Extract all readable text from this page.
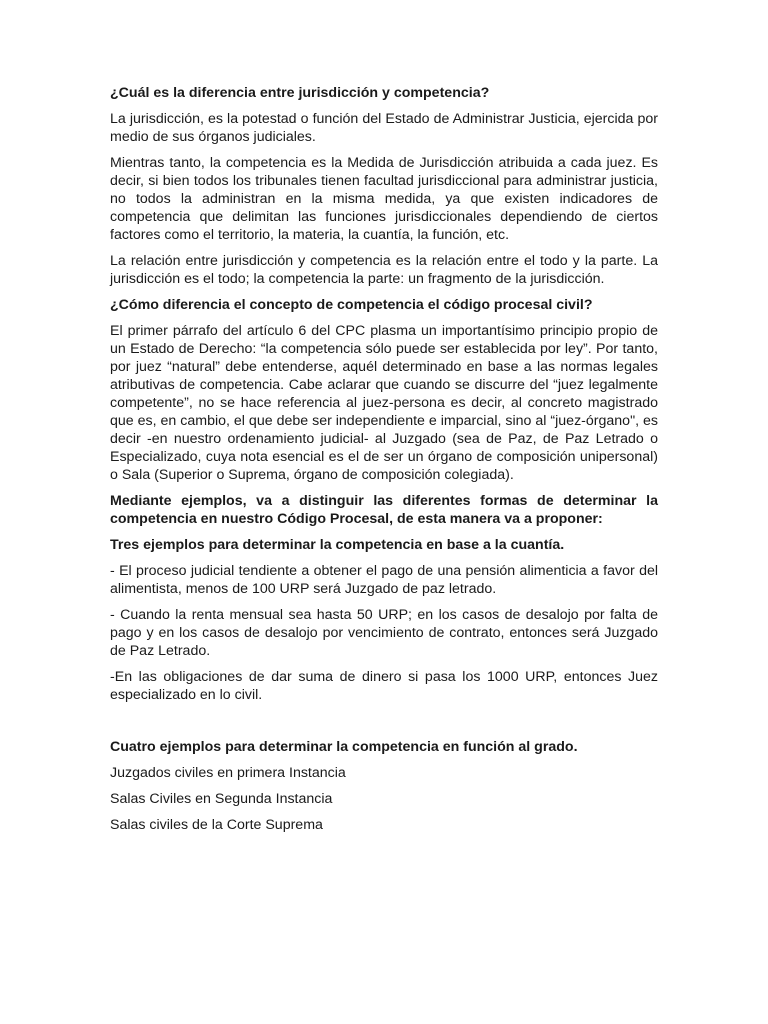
¿Cuál es la diferencia entre jurisdicción y competencia?

La jurisdicción, es la potestad o función del Estado de Administrar Justicia, ejercida por medio de sus órganos judiciales.

Mientras tanto, la competencia es la Medida de Jurisdicción atribuida a cada juez. Es decir, si bien todos los tribunales tienen facultad jurisdiccional para administrar justicia, no todos la administran en la misma medida, ya que existen indicadores de competencia que delimitan las funciones jurisdiccionales dependiendo de ciertos factores como el territorio, la materia, la cuantía, la función, etc.

La relación entre jurisdicción y competencia es la relación entre el todo y la parte. La jurisdicción es el todo; la competencia la parte: un fragmento de la jurisdicción.

¿Cómo diferencia el concepto de competencia el código procesal civil?

El primer párrafo del artículo 6 del CPC plasma un importantísimo principio propio de un Estado de Derecho: “la competencia sólo puede ser establecida por ley”. Por tanto, por juez “natural” debe entenderse, aquél determinado en base a las normas legales atributivas de competencia. Cabe aclarar que cuando se discurre del “juez legalmente competente”, no se hace referencia al juez-persona es decir, al concreto magistrado que es, en cambio, el que debe ser independiente e imparcial, sino al “juez-órgano", es decir -en nuestro ordenamiento judicial- al Juzgado (sea de Paz, de Paz Letrado o Especializado, cuya nota esencial es el de ser un órgano de composición unipersonal) o Sala (Superior o Suprema, órgano de composición colegiada).

Mediante ejemplos, va a distinguir las diferentes formas de determinar la competencia en nuestro Código Procesal, de esta manera va a proponer:

Tres ejemplos para determinar la competencia en base a la cuantía.

- El proceso judicial tendiente a obtener el pago de una pensión alimenticia a favor del alimentista, menos de 100 URP será Juzgado de paz letrado.

- Cuando la renta mensual sea hasta 50 URP; en los casos de desalojo por falta de pago y en los casos de desalojo por vencimiento de contrato, entonces será Juzgado de Paz Letrado.

-En las obligaciones de dar suma de dinero si pasa los 1000 URP, entonces Juez especializado en lo civil.

Cuatro ejemplos para determinar la competencia en función al grado.

Juzgados civiles en primera Instancia

Salas Civiles en Segunda Instancia

Salas civiles de la Corte Suprema
